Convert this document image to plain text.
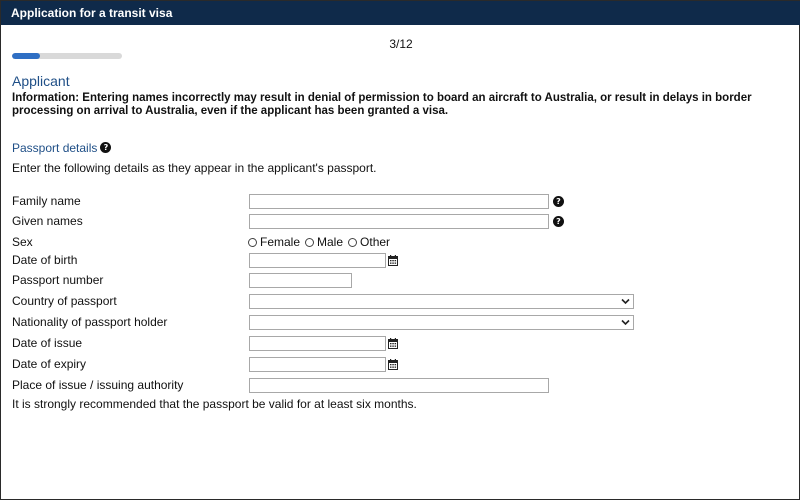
Application for a transit visa
3/12
Applicant
Information: Entering names incorrectly may result in denial of permission to board an aircraft to Australia, or result in delays in border processing on arrival to Australia, even if the applicant has been granted a visa.
Passport details ?
Enter the following details as they appear in the applicant's passport.
Family name	?
Given names	?
Sex	Female Male Other
Date of birth
Passport number
Country of passport
Nationality of passport holder
Date of issue
Date of expiry
Place of issue / issuing authority
It is strongly recommended that the passport be valid for at least six months.
